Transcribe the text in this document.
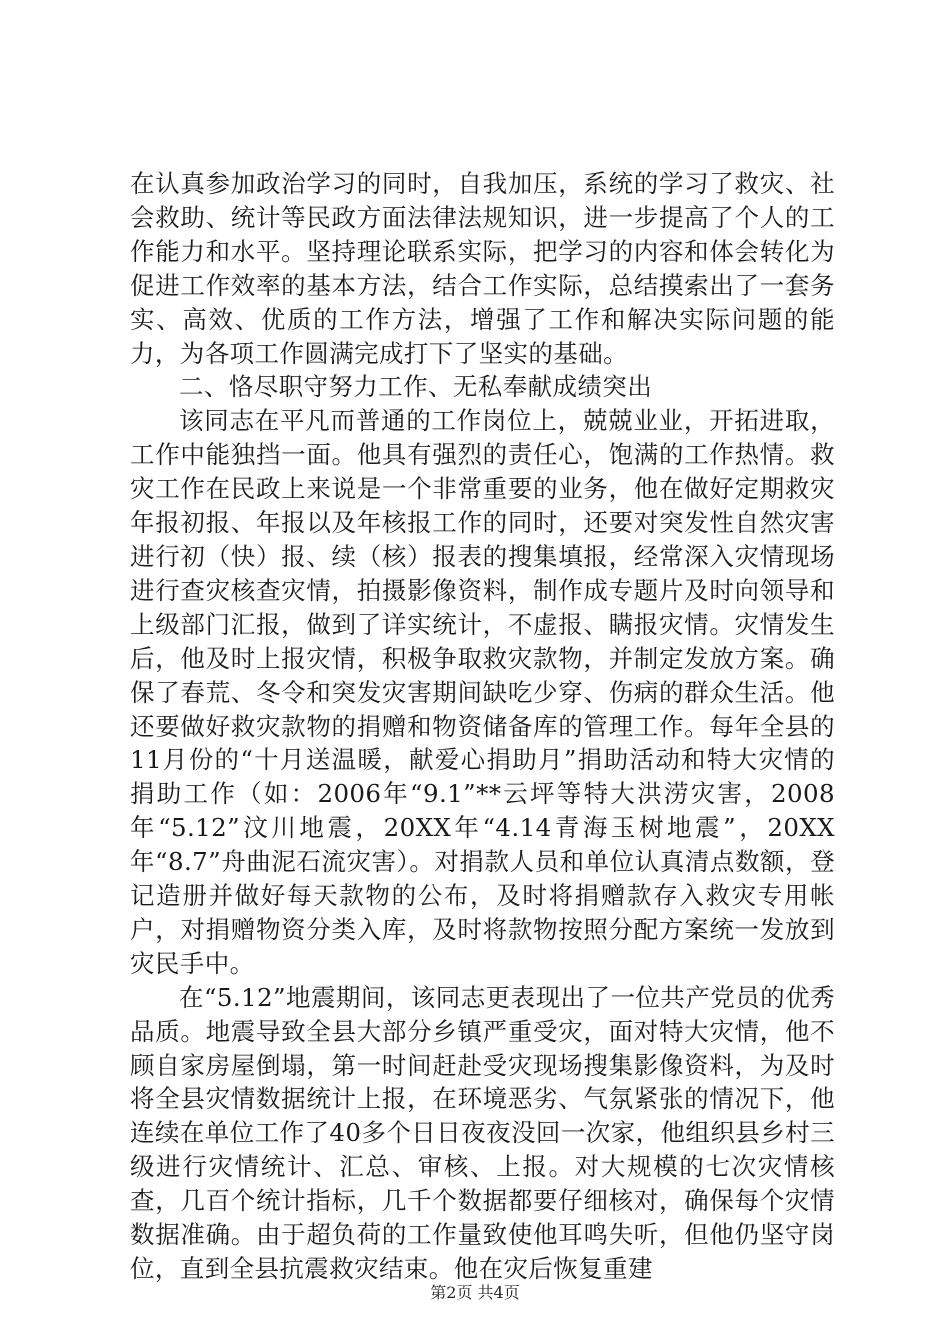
在认真参加政治学习的同时，自我加压，系统的学习了救灾、社会救助、统计等民政方面法律法规知识，进一步提高了个人的工作能力和水平。坚持理论联系实际，把学习的内容和体会转化为促进工作效率的基本方法，结合工作实际，总结摸索出了一套务实、高效、优质的工作方法，增强了工作和解决实际问题的能力，为各项工作圆满完成打下了坚实的基础。

二、恪尽职守努力工作、无私奉献成绩突出

该同志在平凡而普通的工作岗位上，兢兢业业，开拓进取，工作中能独挡一面。他具有强烈的责任心，饱满的工作热情。救灾工作在民政上来说是一个非常重要的业务，他在做好定期救灾年报初报、年报以及年核报工作的同时，还要对突发性自然灾害进行初（快）报、续（核）报表的搜集填报，经常深入灾情现场进行查灾核查灾情，拍摄影像资料，制作成专题片及时向领导和上级部门汇报，做到了详实统计，不虚报、瞒报灾情。灾情发生后，他及时上报灾情，积极争取救灾款物，并制定发放方案。确保了春荒、冬令和突发灾害期间缺吃少穿、伤病的群众生活。他还要做好救灾款物的捐赠和物资储备库的管理工作。每年全县的11月份的“十月送温暖，献爱心捐助月”捐助活动和特大灾情的捐助工作（如：2006年“9.1”**云坪等特大洪涝灾害，2008年“5.12”汶川地震，20XX年“4.14青海玉树地震”，20XX年“8.7”舟曲泥石流灾害）。对捐款人员和单位认真清点数额，登记造册并做好每天款物的公布，及时将捐赠款存入救灾专用帐户，对捐赠物资分类入库，及时将款物按照分配方案统一发放到灾民手中。

在“5.12”地震期间，该同志更表现出了一位共产党员的优秀品质。地震导致全县大部分乡镇严重受灾，面对特大灾情，他不顾自家房屋倒塌，第一时间赶赴受灾现场搜集影像资料，为及时将全县灾情数据统计上报，在环境恶劣、气氛紧张的情况下，他连续在单位工作了40多个日日夜夜没回一次家，他组织县乡村三级进行灾情统计、汇总、审核、上报。对大规模的七次灾情核查，几百个统计指标，几千个数据都要仔细核对，确保每个灾情数据准确。由于超负荷的工作量致使他耳鸣失听，但他仍坚守岗位，直到全县抗震救灾结束。他在灾后恢复重建

第2页 共4页
